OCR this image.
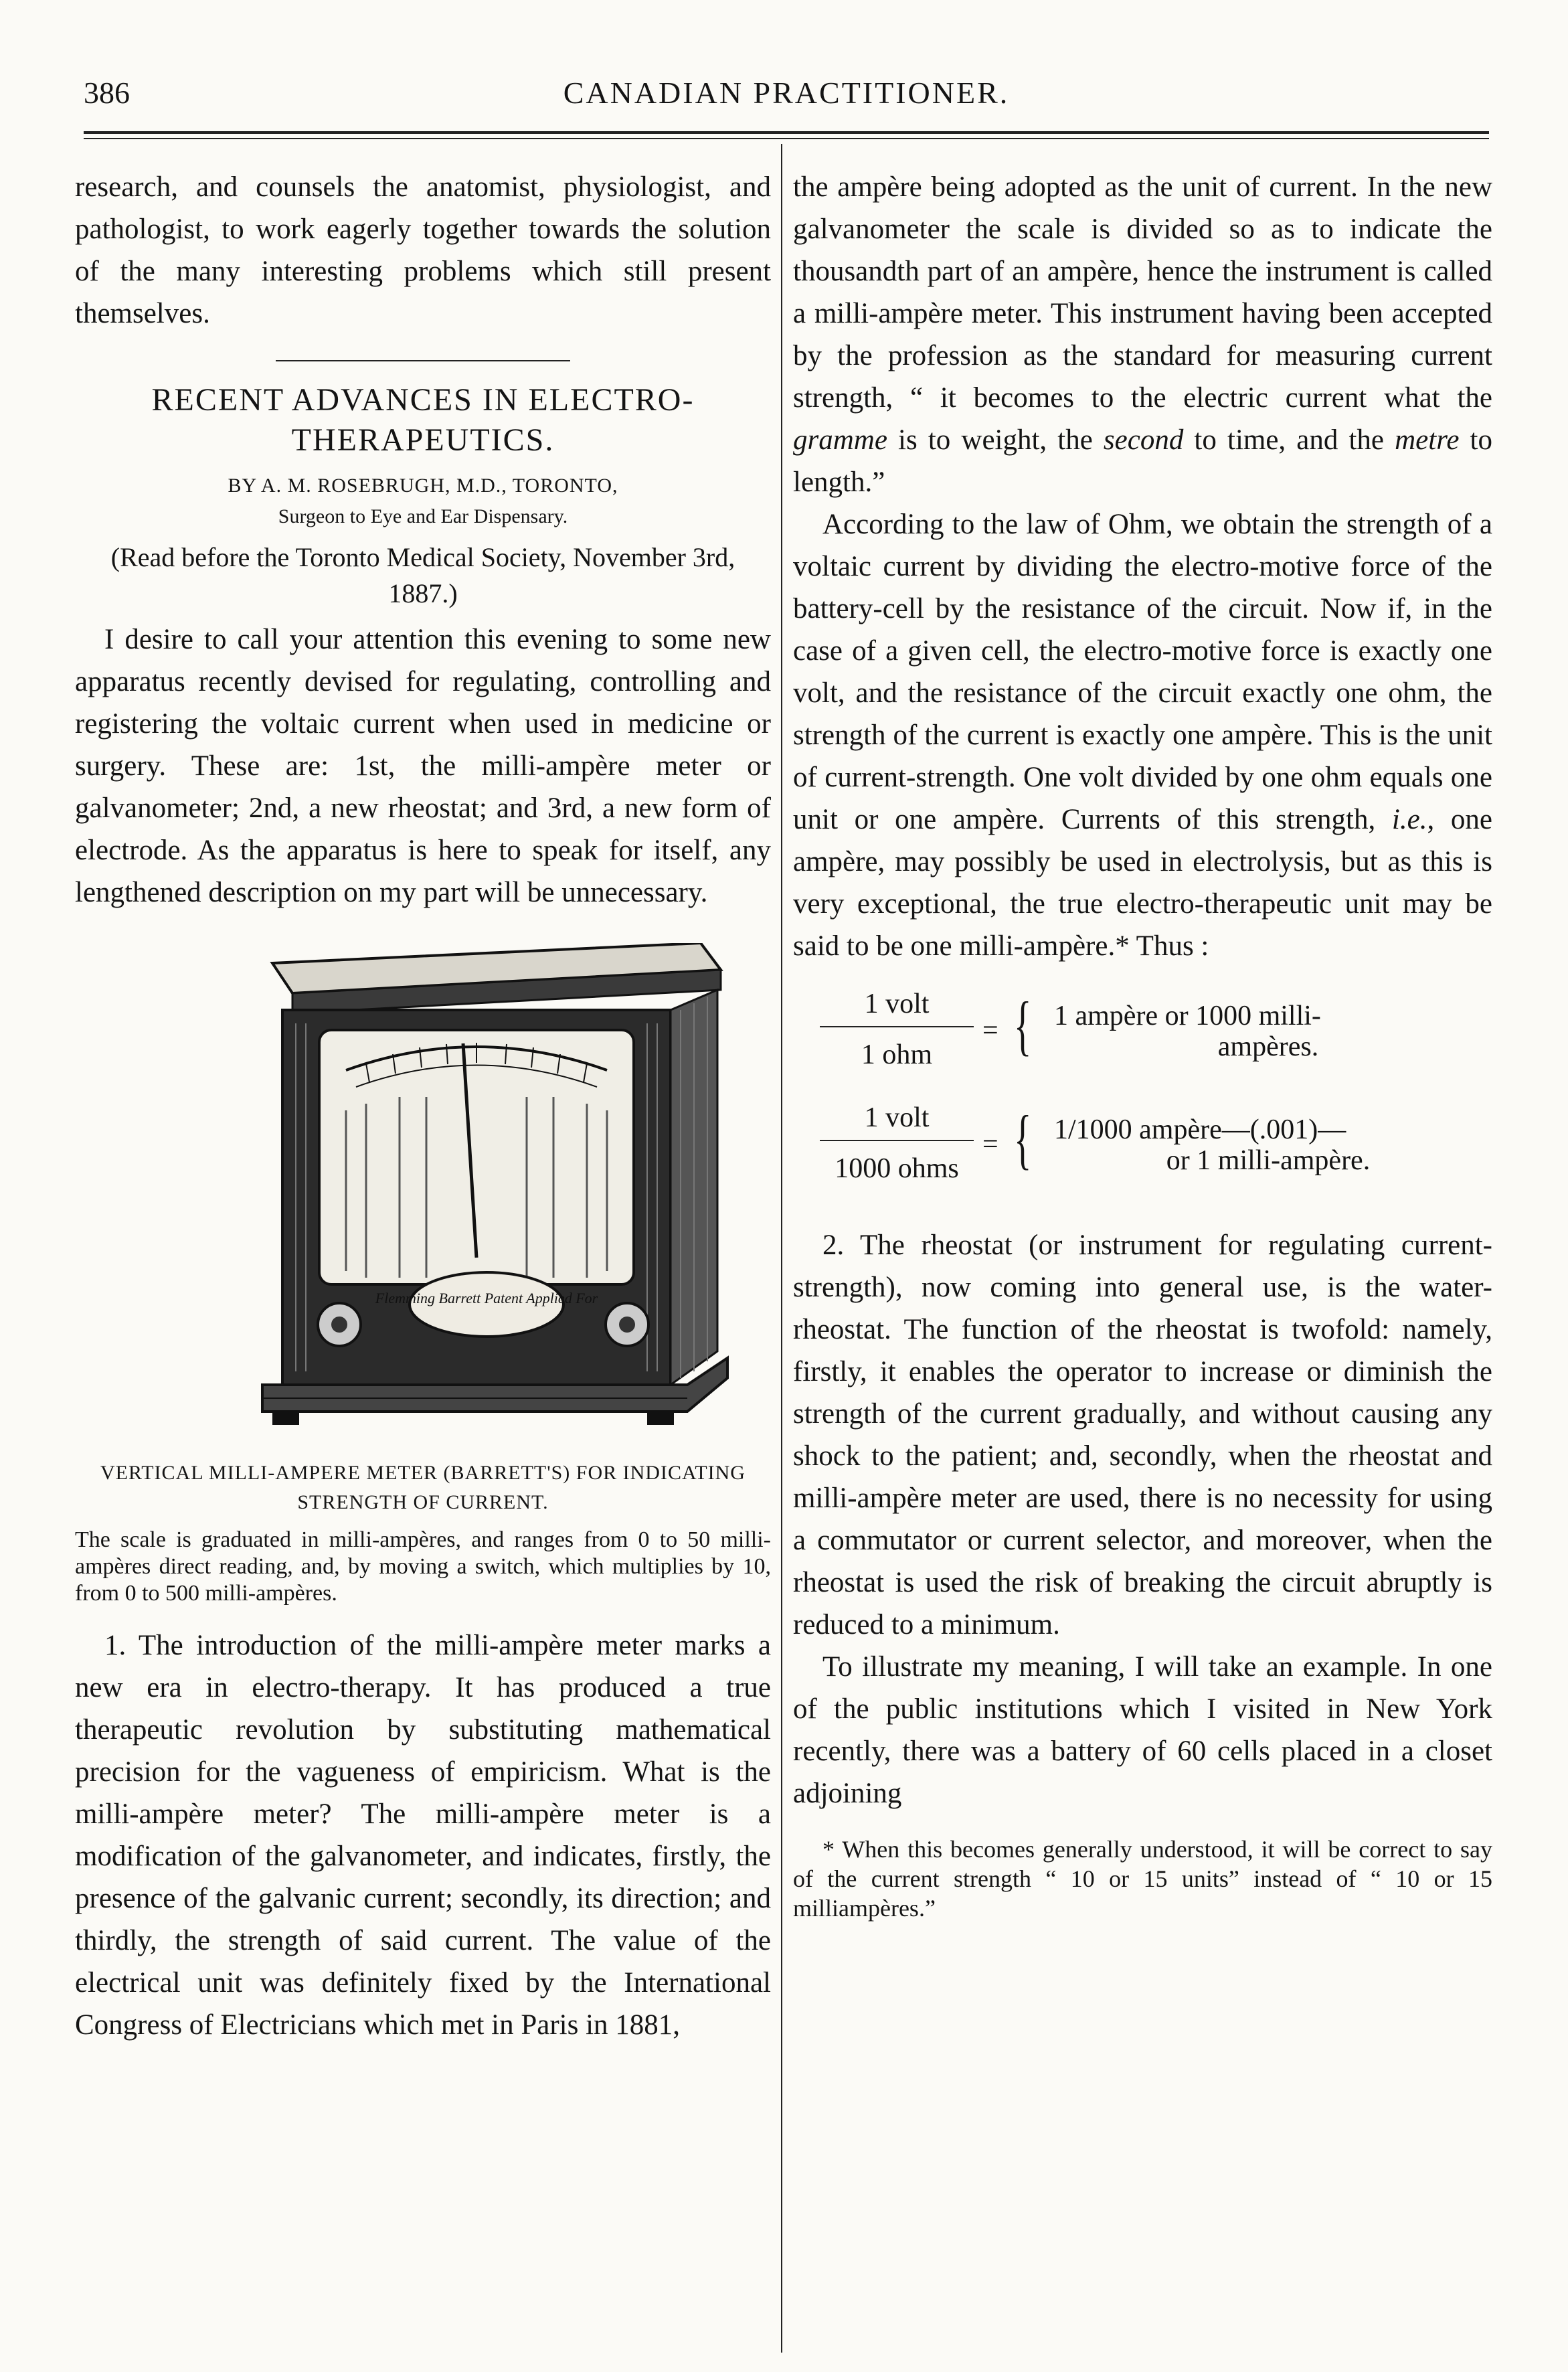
386	CANADIAN PRACTITIONER.

research, and counsels the anatomist, physiologist, and pathologist, to work eagerly together towards the solution of the many interesting problems which still present themselves.

RECENT ADVANCES IN ELECTRO-THERAPEUTICS.
BY A. M. ROSEBRUGH, M.D., TORONTO,
Surgeon to Eye and Ear Dispensary.
(Read before the Toronto Medical Society, November 3rd, 1887.)

I desire to call your attention this evening to some new apparatus recently devised for regulating, controlling and registering the voltaic current when used in medicine or surgery. These are: 1st, the milli-ampère meter or galvanometer; 2nd, a new rheostat; and 3rd, a new form of electrode. As the apparatus is here to speak for itself, any lengthened description on my part will be unnecessary.

Flemming Barrett Patent Applied For
VERTICAL MILLI-AMPERE METER (BARRETT'S) FOR INDICATING STRENGTH OF CURRENT.

The scale is graduated in milli-ampères, and ranges from 0 to 50 milli-ampères direct reading, and, by moving a switch, which multiplies by 10, from 0 to 500 milli-ampères.

1. The introduction of the milli-ampère meter marks a new era in electro-therapy. It has produced a true therapeutic revolution by substituting mathematical precision for the vagueness of empiricism. What is the milli-ampère meter? The milli-ampère meter is a modification of the galvanometer, and indicates, firstly, the presence of the galvanic current; secondly, its direction; and thirdly, the strength of said current. The value of the electrical unit was definitely fixed by the International Congress of Electricians which met in Paris in 1881,

the ampère being adopted as the unit of current. In the new galvanometer the scale is divided so as to indicate the thousandth part of an ampère, hence the instrument is called a milli-ampère meter. This instrument having been accepted by the profession as the standard for measuring current strength, “ it becomes to the electric current what the gramme is to weight, the second to time, and the metre to length.”

According to the law of Ohm, we obtain the strength of a voltaic current by dividing the electro-motive force of the battery-cell by the resistance of the circuit. Now if, in the case of a given cell, the electro-motive force is exactly one volt, and the resistance of the circuit exactly one ohm, the strength of the current is exactly one ampère. This is the unit of current-strength. One volt divided by one ohm equals one unit or one ampère. Currents of this strength, i.e., one ampère, may possibly be used in electrolysis, but as this is very exceptional, the true electro-therapeutic unit may be said to be one milli-ampère.* Thus :

1 volt
1 ohm
= { 1 ampère or 1000 milli-
ampères.
1 volt
1000 ohms
= { 1/1000 ampère—(.001)—
or 1 milli-ampère.

2. The rheostat (or instrument for regulating current-strength), now coming into general use, is the water-rheostat. The function of the rheostat is twofold: namely, firstly, it enables the operator to increase or diminish the strength of the current gradually, and without causing any shock to the patient; and, secondly, when the rheostat and milli-ampère meter are used, there is no necessity for using a commutator or current selector, and moreover, when the rheostat is used the risk of breaking the circuit abruptly is reduced to a minimum.

To illustrate my meaning, I will take an example. In one of the public institutions which I visited in New York recently, there was a battery of 60 cells placed in a closet adjoining

* When this becomes generally understood, it will be correct to say of the current strength “ 10 or 15 units” instead of “ 10 or 15 milliampères.”
